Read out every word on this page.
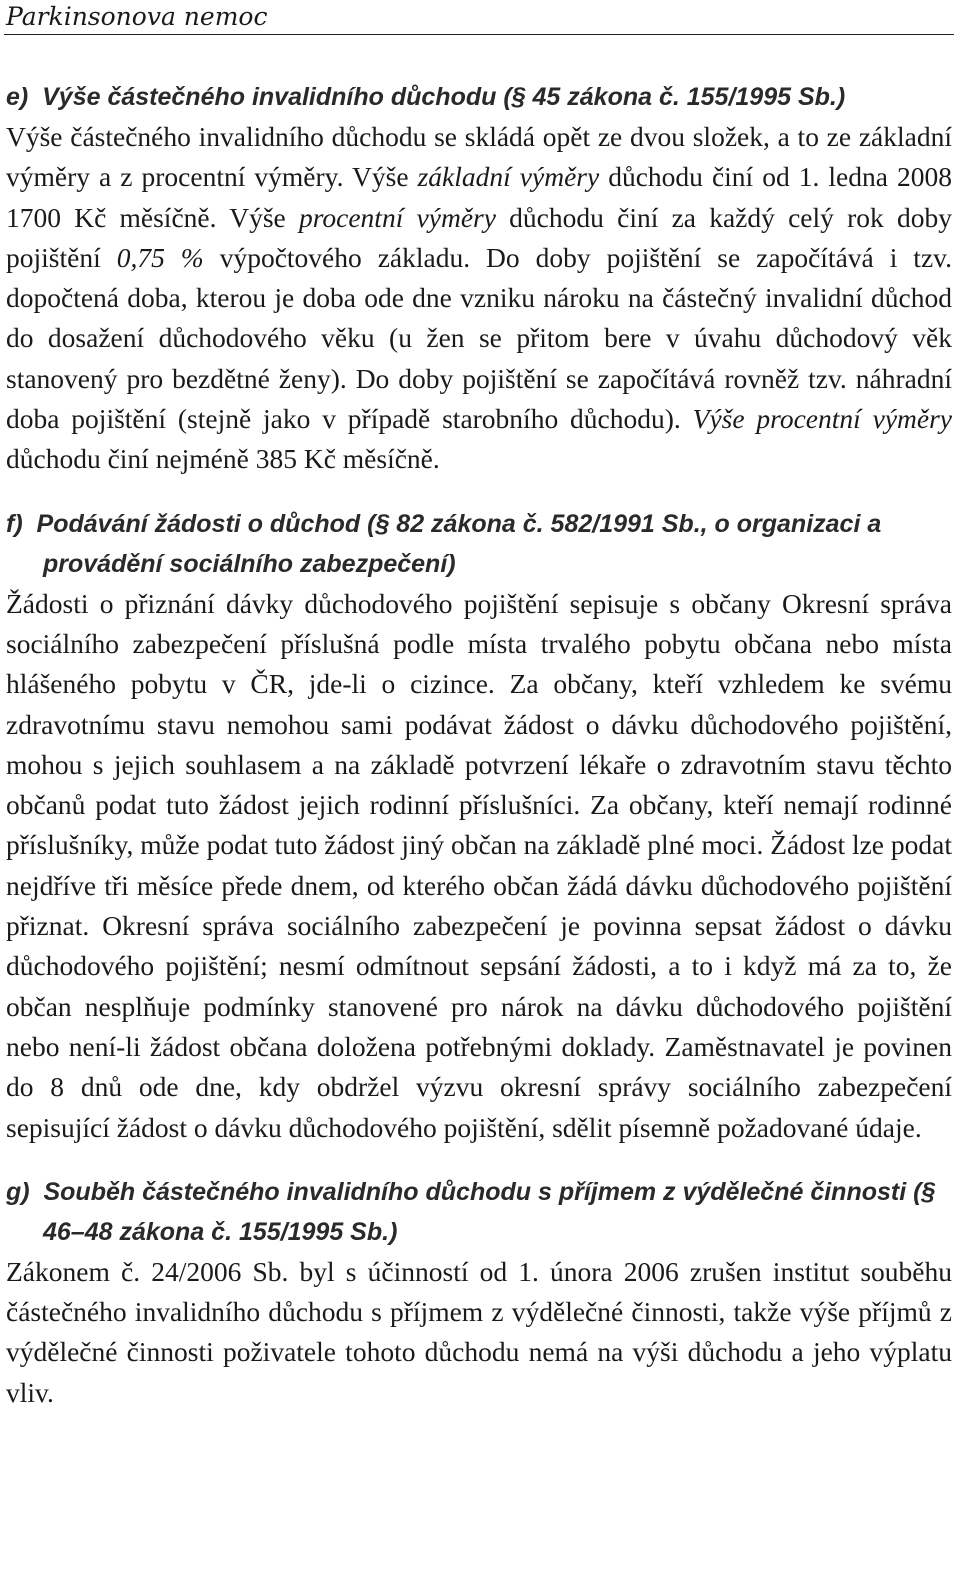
Parkinsonova nemoc
e)  Výše částečného invalidního důchodu (§ 45 zákona č. 155/1995 Sb.)

Výše částečného invalidního důchodu se skládá opět ze dvou složek, a to ze základní výměry a z procentní výměry. Výše základní výměry důchodu činí od 1. ledna 2008 1700 Kč měsíčně. Výše procentní výměry důchodu činí za každý celý rok doby pojištění 0,75 % výpočtového základu. Do doby pojištění se započítává i tzv. dopočtená doba, kterou je doba ode dne vzniku nároku na částečný invalidní důchod do dosažení důchodového věku (u žen se přitom bere v úvahu důchodový věk stanovený pro bezdětné ženy). Do doby pojištění se započítává rovněž tzv. náhradní doba pojištění (stejně jako v případě starobního důchodu). Výše procentní výměry důchodu činí nejméně 385 Kč měsíčně.

f)  Podávání žádosti o důchod (§ 82 zákona č. 582/1991 Sb., o organizaci a provádění sociálního zabezpečení)

Žádosti o přiznání dávky důchodového pojištění sepisuje s občany Okresní správa sociálního zabezpečení příslušná podle místa trvalého pobytu občana nebo místa hlášeného pobytu v ČR, jde-li o cizince. Za občany, kteří vzhledem ke svému zdravotnímu stavu nemohou sami podávat žádost o dávku důchodového pojištění, mohou s jejich souhlasem a na základě potvrzení lékaře o zdravotním stavu těchto občanů podat tuto žádost jejich rodinní příslušníci. Za občany, kteří nemají rodinné příslušníky, může podat tuto žádost jiný občan na základě plné moci. Žádost lze podat nejdříve tři měsíce přede dnem, od kterého občan žádá dávku důchodového pojištění přiznat. Okresní správa sociálního zabezpečení je povinna sepsat žádost o dávku důchodového pojištění; nesmí odmítnout sepsání žádosti, a to i když má za to, že občan nesplňuje podmínky stanovené pro nárok na dávku důchodového pojištění nebo není-li žádost občana doložena potřebnými doklady. Zaměstnavatel je povinen do 8 dnů ode dne, kdy obdržel výzvu okresní správy sociálního zabezpečení sepisující žádost o dávku důchodového pojištění, sdělit písemně požadované údaje.

g)  Souběh částečného invalidního důchodu s příjmem z výdělečné činnosti (§ 46–48 zákona č. 155/1995 Sb.)

Zákonem č. 24/2006 Sb. byl s účinností od 1. února 2006 zrušen institut souběhu částečného invalidního důchodu s příjmem z výdělečné činnosti, takže výše příjmů z výdělečné činnosti poživatele tohoto důchodu nemá na výši důchodu a jeho výplatu vliv.
